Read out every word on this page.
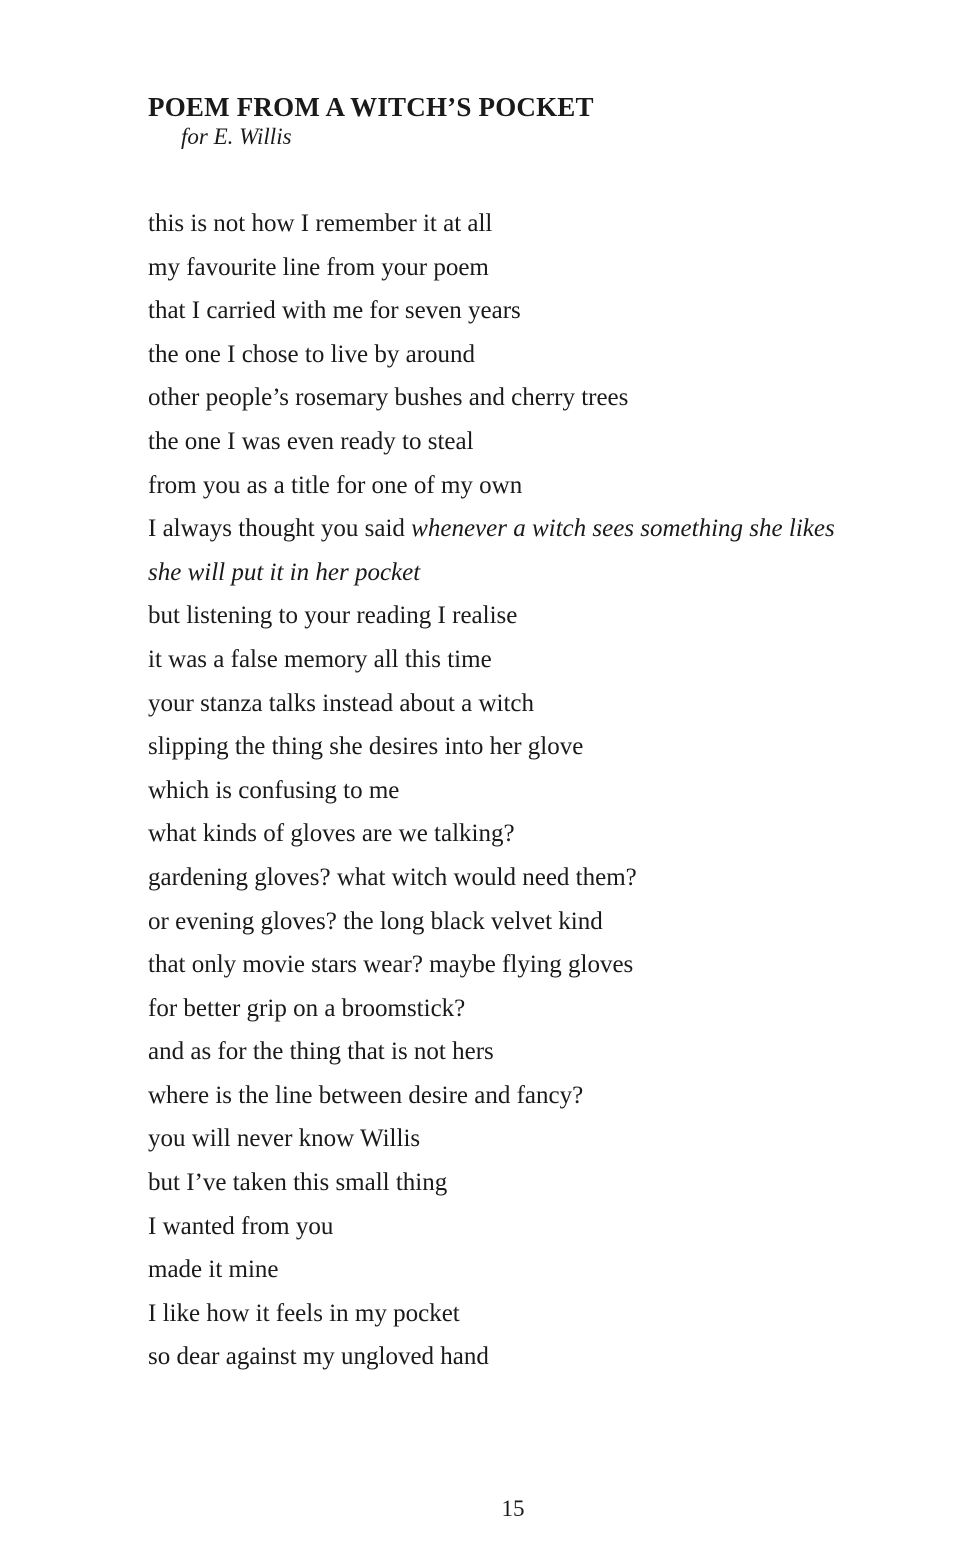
POEM FROM A WITCH’S POCKET
for E. Willis
this is not how I remember it at all
my favourite line from your poem
that I carried with me for seven years
the one I chose to live by around
other people’s rosemary bushes and cherry trees
the one I was even ready to steal
from you as a title for one of my own
I always thought you said whenever a witch sees something she likes
she will put it in her pocket
but listening to your reading I realise
it was a false memory all this time
your stanza talks instead about a witch
slipping the thing she desires into her glove
which is confusing to me
what kinds of gloves are we talking?
gardening gloves? what witch would need them?
or evening gloves? the long black velvet kind
that only movie stars wear? maybe flying gloves
for better grip on a broomstick?
and as for the thing that is not hers
where is the line between desire and fancy?
you will never know Willis
but I’ve taken this small thing
I wanted from you
made it mine
I like how it feels in my pocket
so dear against my ungloved hand
15
